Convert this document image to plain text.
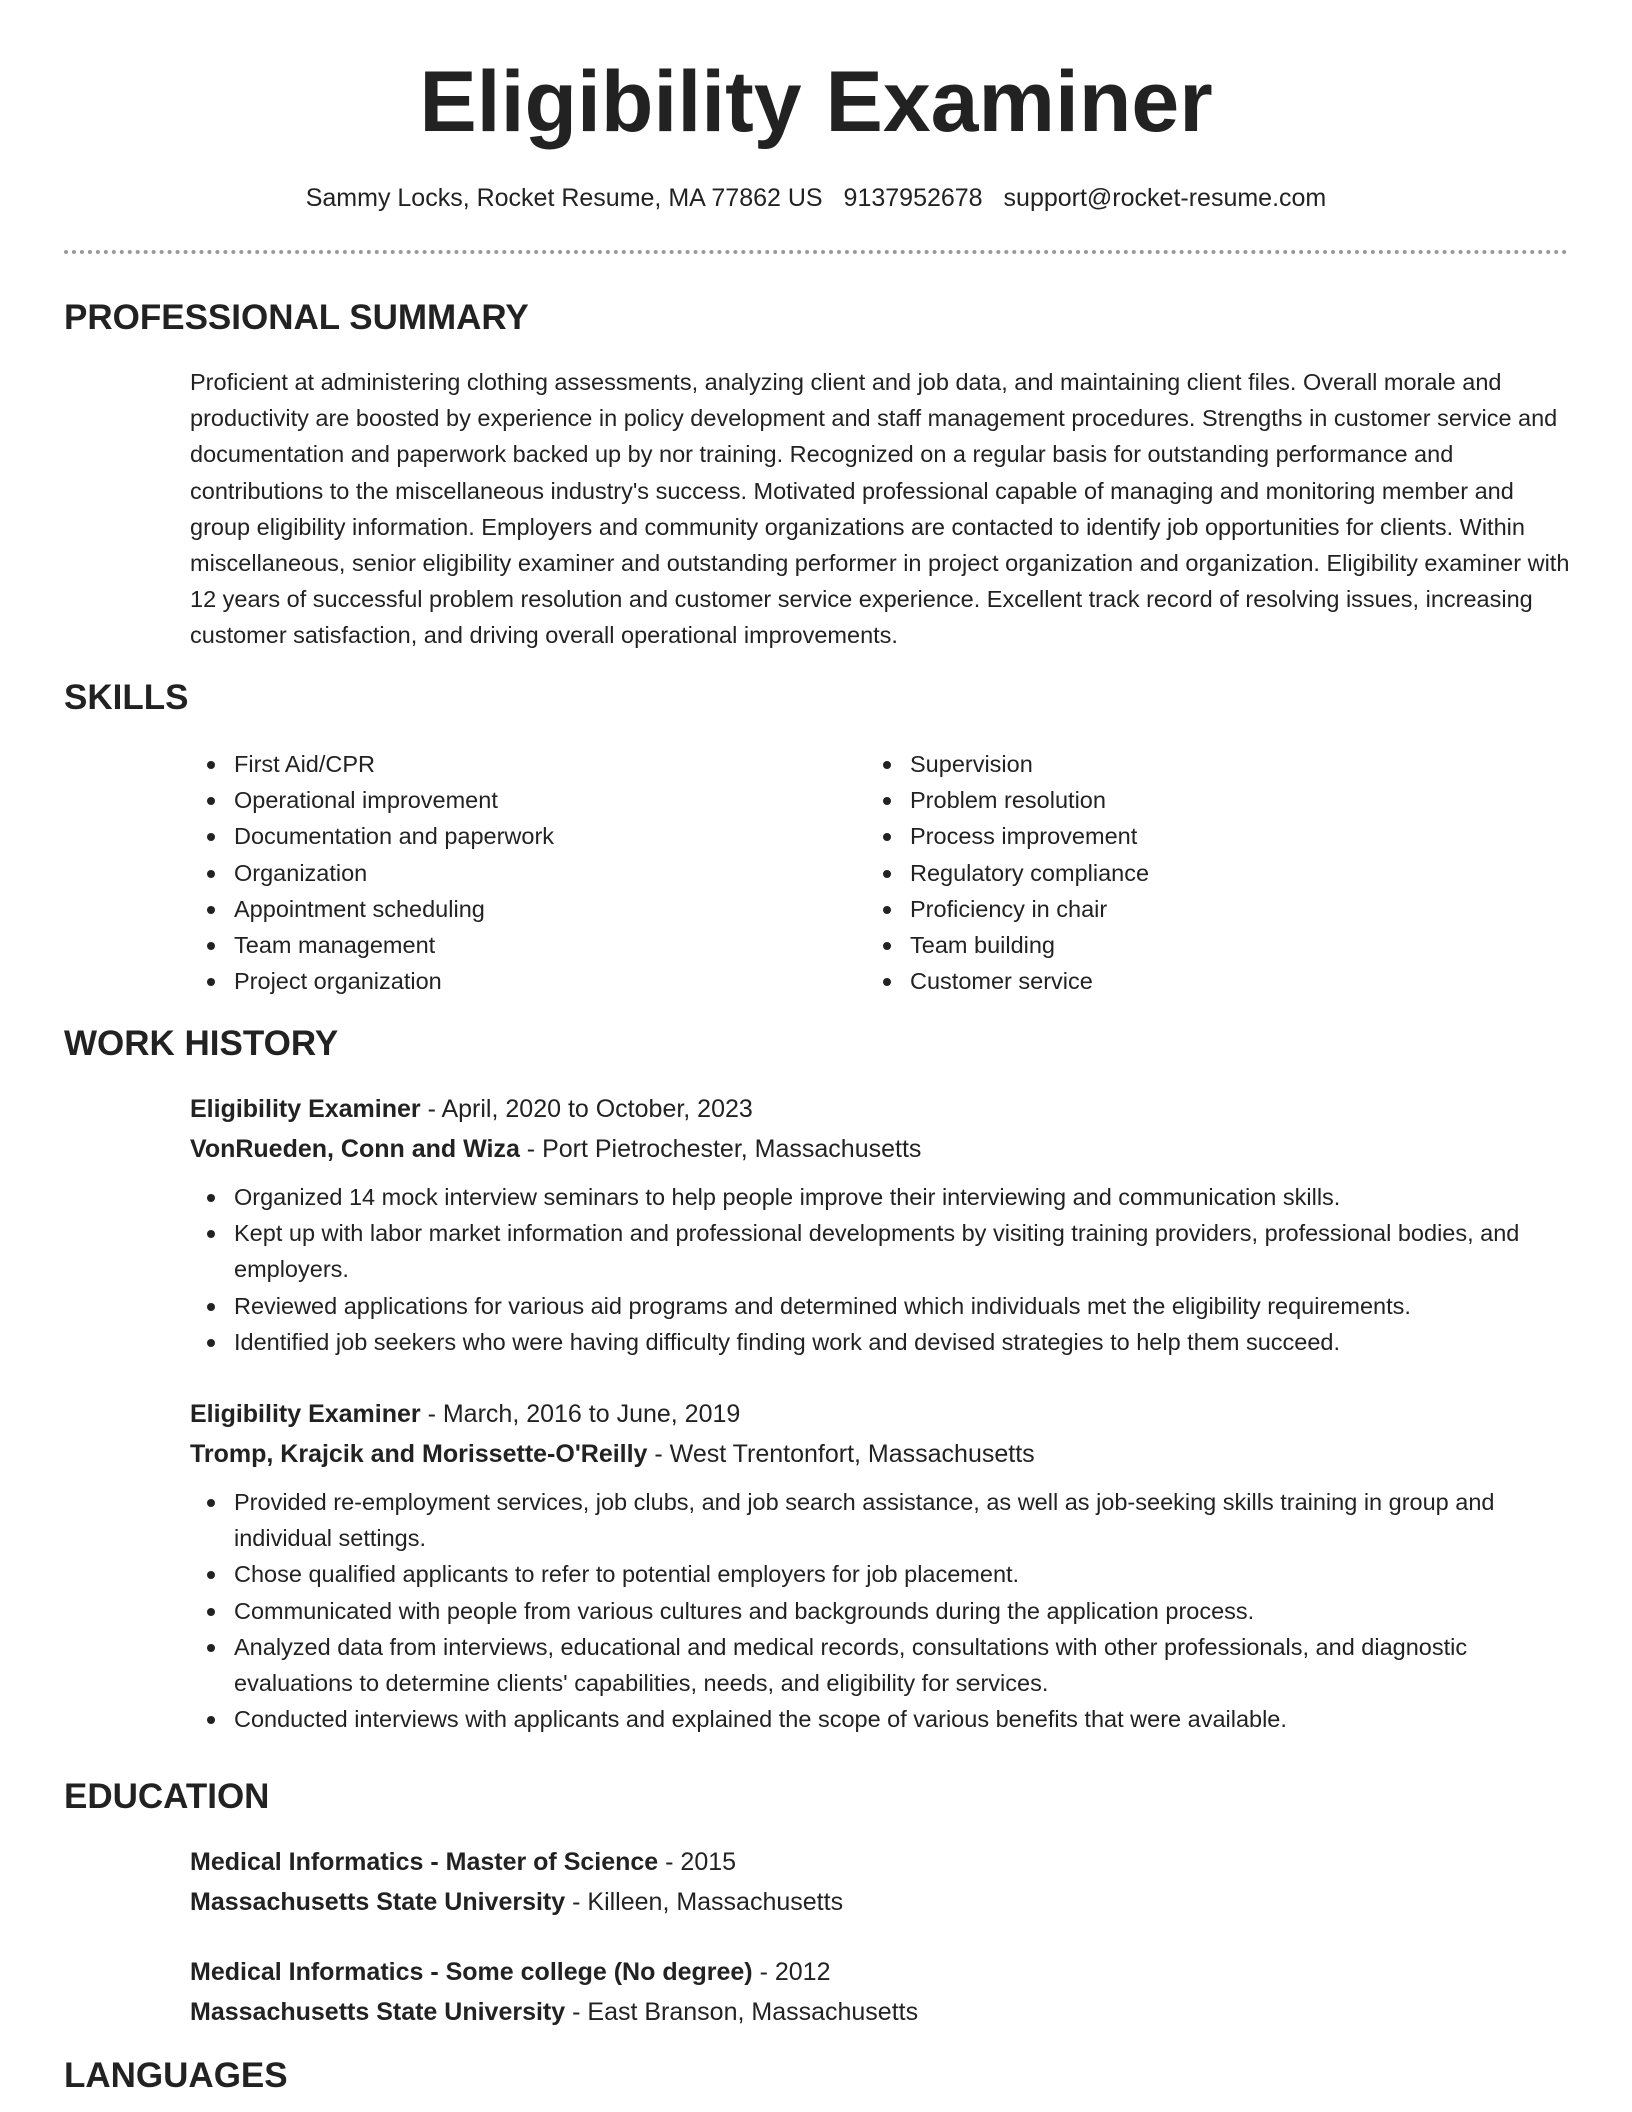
Eligibility Examiner
Sammy Locks, Rocket Resume, MA 77862 US 9137952678 support@rocket-resume.com
PROFESSIONAL SUMMARY

Proficient at administering clothing assessments, analyzing client and job data, and maintaining client files. Overall morale and productivity are boosted by experience in policy development and staff management procedures. Strengths in customer service and documentation and paperwork backed up by nor training. Recognized on a regular basis for outstanding performance and contributions to the miscellaneous industry's success. Motivated professional capable of managing and monitoring member and group eligibility information. Employers and community organizations are contacted to identify job opportunities for clients. Within miscellaneous, senior eligibility examiner and outstanding performer in project organization and organization. Eligibility examiner with 12 years of successful problem resolution and customer service experience. Excellent track record of resolving issues, increasing customer satisfaction, and driving overall operational improvements.

SKILLS
First Aid/CPR
Operational improvement
Documentation and paperwork
Organization
Appointment scheduling
Team management
Project organization
Supervision
Problem resolution
Process improvement
Regulatory compliance
Proficiency in chair
Team building
Customer service
WORK HISTORY
Eligibility Examiner - April, 2020 to October, 2023
VonRueden, Conn and Wiza - Port Pietrochester, Massachusetts
Organized 14 mock interview seminars to help people improve their interviewing and communication skills.
Kept up with labor market information and professional developments by visiting training providers, professional bodies, and employers.
Reviewed applications for various aid programs and determined which individuals met the eligibility requirements.
Identified job seekers who were having difficulty finding work and devised strategies to help them succeed.
Eligibility Examiner - March, 2016 to June, 2019
Tromp, Krajcik and Morissette-O'Reilly - West Trentonfort, Massachusetts
Provided re-employment services, job clubs, and job search assistance, as well as job-seeking skills training in group and individual settings.
Chose qualified applicants to refer to potential employers for job placement.
Communicated with people from various cultures and backgrounds during the application process.
Analyzed data from interviews, educational and medical records, consultations with other professionals, and diagnostic evaluations to determine clients' capabilities, needs, and eligibility for services.
Conducted interviews with applicants and explained the scope of various benefits that were available.
EDUCATION
Medical Informatics - Master of Science - 2015
Massachusetts State University - Killeen, Massachusetts
Medical Informatics - Some college (No degree) - 2012
Massachusetts State University - East Branson, Massachusetts
LANGUAGES
